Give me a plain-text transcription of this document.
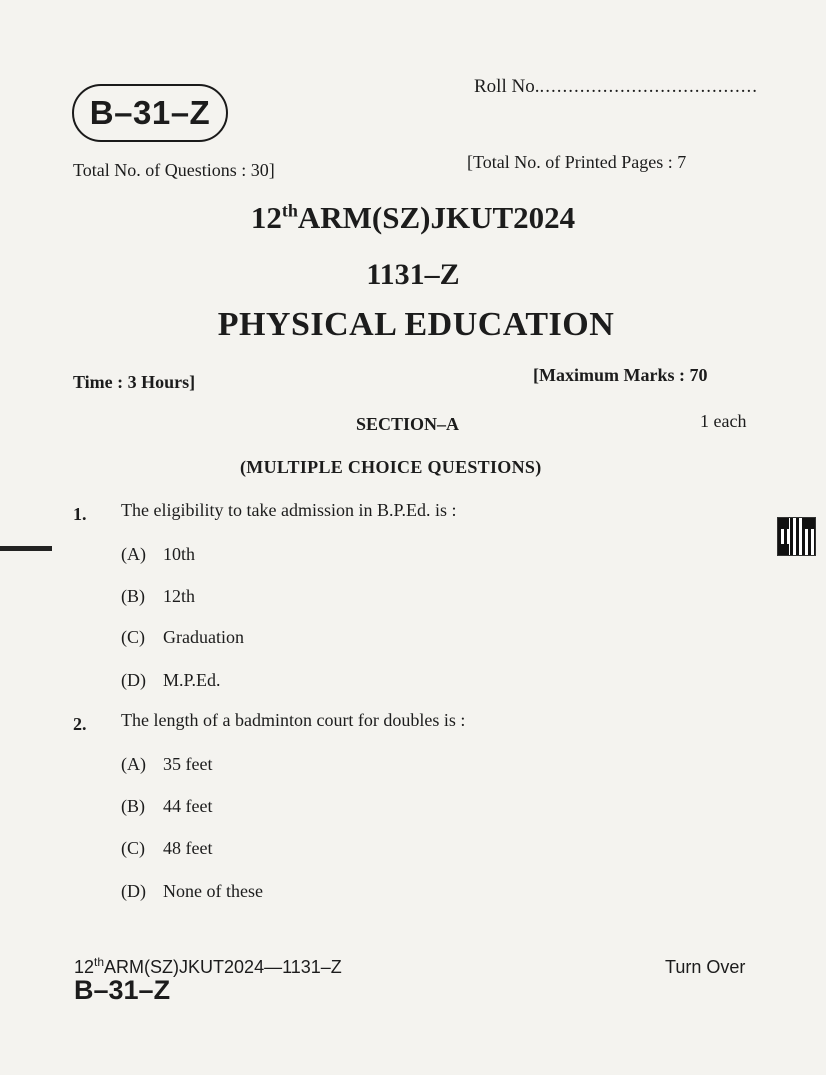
B–31–Z
Roll No.......................................
Total No. of Questions : 30]	[Total No. of Printed Pages : 7
12thARM(SZ)JKUT2024
1131–Z
PHYSICAL EDUCATION
Time : 3 Hours]	[Maximum Marks : 70
SECTION–A	1 each
(MULTIPLE CHOICE QUESTIONS)
1. The eligibility to take admission in B.P.Ed. is :
(A) 10th
(B) 12th
(C) Graduation
(D) M.P.Ed.
2. The length of a badminton court for doubles is :
(A) 35 feet
(B) 44 feet
(C) 48 feet
(D) None of these
12thARM(SZ)JKUT2024—1131–Z
B–31–Z
Turn Over
